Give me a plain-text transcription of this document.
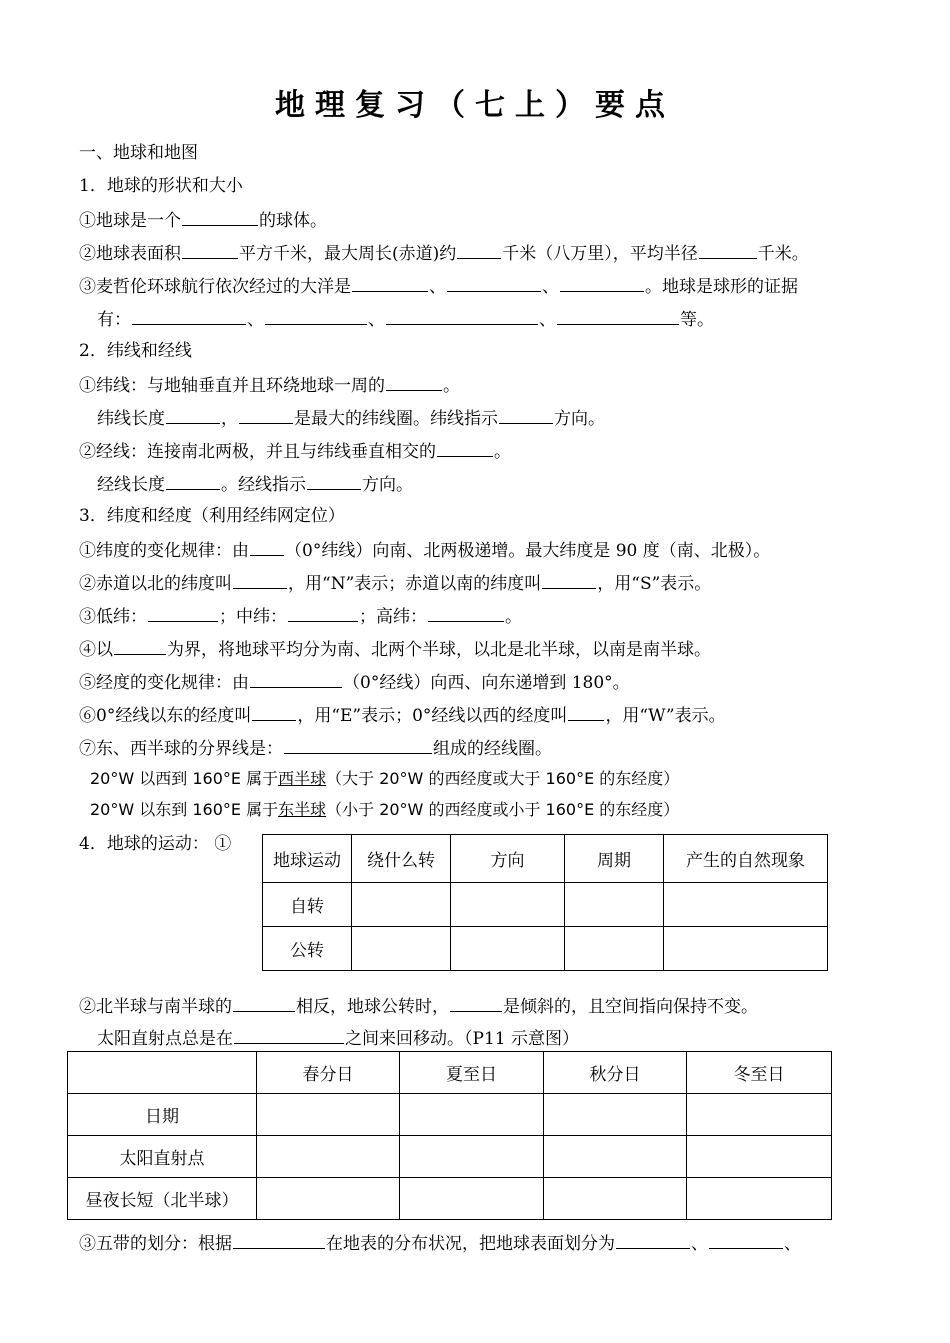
地理复习（七上）要点
一、地球和地图
1．地球的形状和大小
①地球是一个	的球体。
②地球表面积	平方千米，最大周长(赤道)约	千米（八万里），平均半径	千米。
③麦哲伦环球航行依次经过的大洋是	、	、	。地球是球形的证据
有：	、	、	、	等。
2．纬线和经线
①纬线：与地轴垂直并且环绕地球一周的	。
纬线长度	，	是最大的纬线圈。纬线指示	方向。
②经线：连接南北两极，并且与纬线垂直相交的	。
经线长度	。经线指示	方向。
3．纬度和经度（利用经纬网定位）
①纬度的变化规律：由 （0°纬线）向南、北两极递增。最大纬度是 90 度（南、北极）。
②赤道以北的纬度叫	，用“N”表示；赤道以南的纬度叫	，用“S”表示。
③低纬：	；中纬：	；高纬：	。
④以	为界，将地球平均分为南、北两个半球，以北是北半球，以南是南半球。
⑤经度的变化规律：由	（0°经线）向西、向东递增到 180°。
⑥0°经线以东的经度叫	，用“E”表示；0°经线以西的经度叫 ，用“W”表示。
⑦东、西半球的分界线是：	组成的经线圈。
20°W 以西到 160°E 属于西半球（大于 20°W 的西经度或大于 160°E 的东经度）
20°W 以东到 160°E 属于东半球（小于 20°W 的西经度或小于 160°E 的东经度）
4．地球的运动： ①
地球运动	绕什么转	方向	周期	产生的自然现象
自转				
公转				
②北半球与南半球的	相反，地球公转时，	是倾斜的，且空间指向保持不变。
太阳直射点总是在	之间来回移动。（P11 示意图）
	春分日	夏至日	秋分日	冬至日
日期				
太阳直射点				
昼夜长短（北半球）				
③五带的划分：根据	在地表的分布状况，把地球表面划分为	、	、
